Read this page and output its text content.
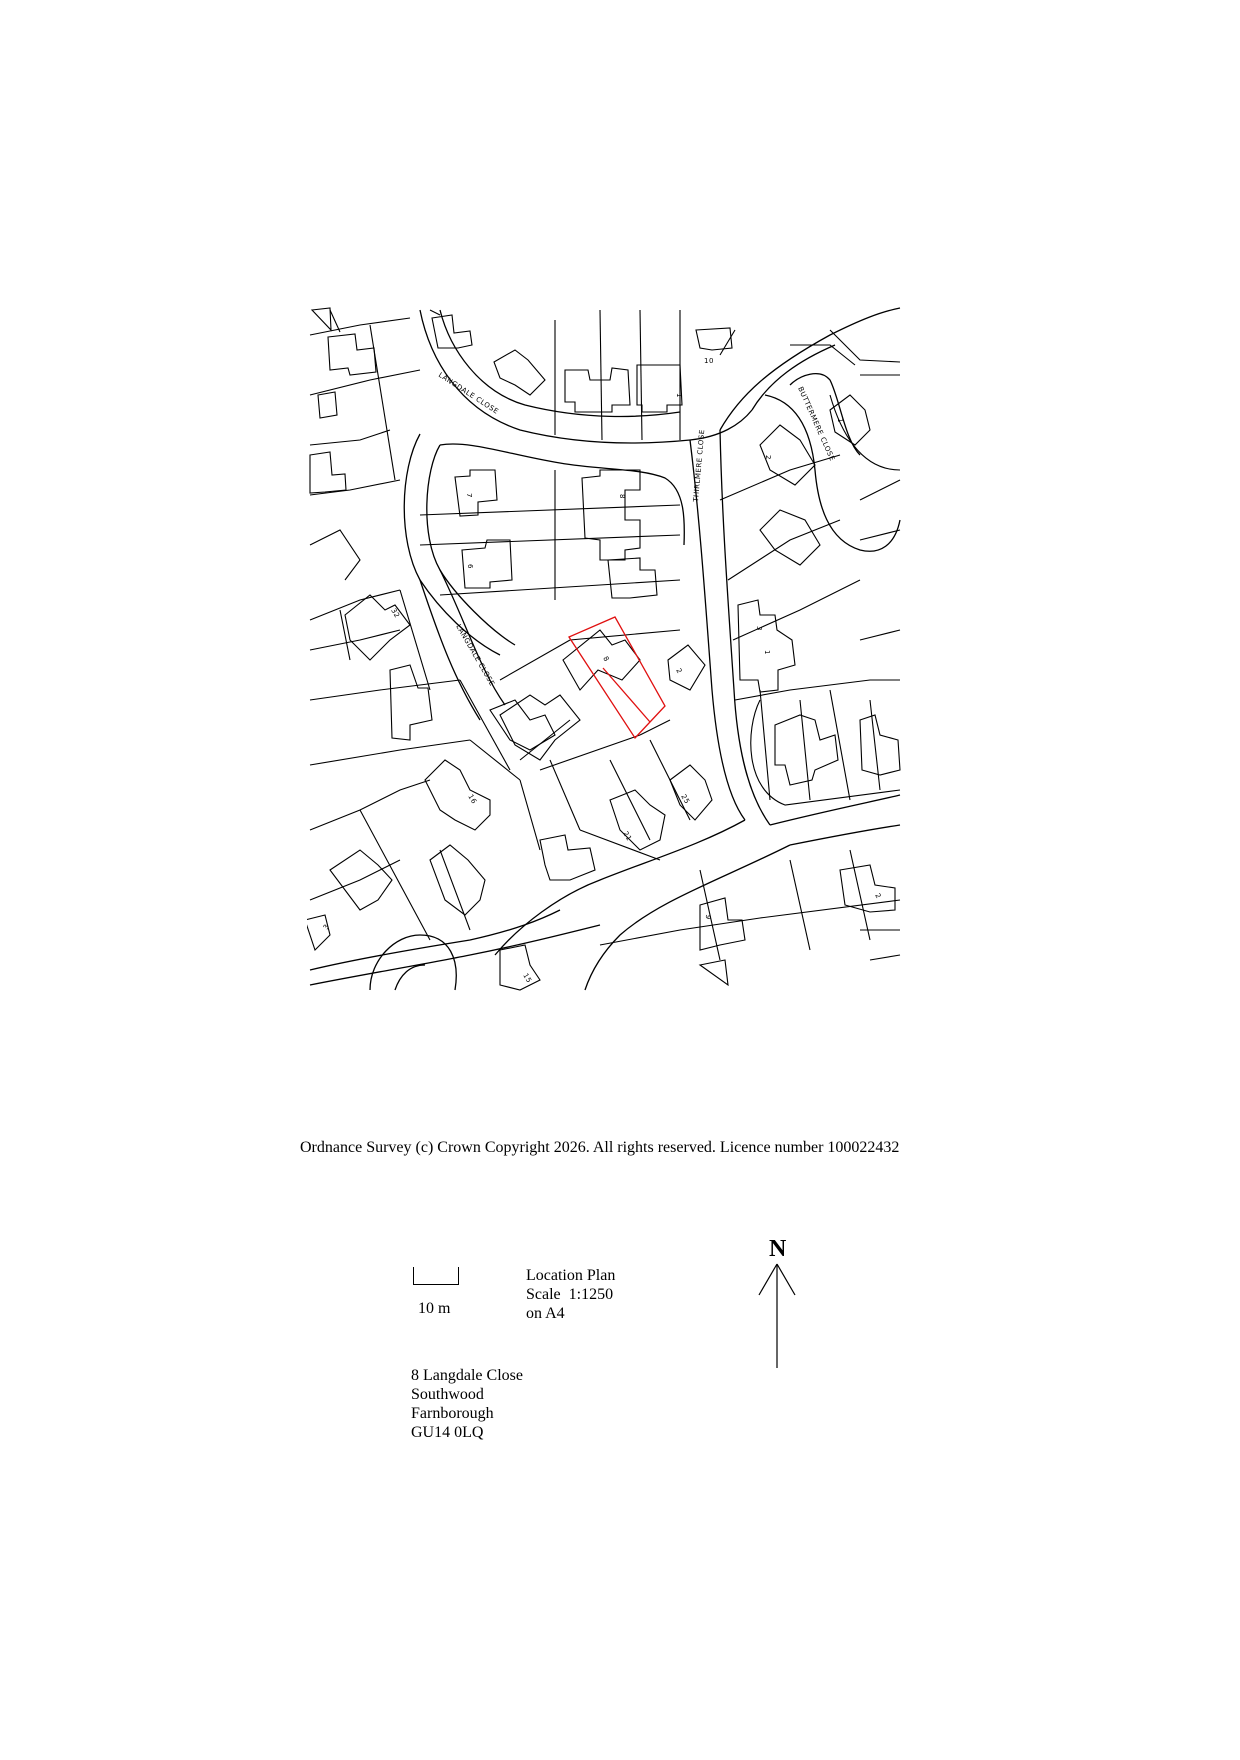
LANGDALE CLOSE
LANGDALE CLOSE
THIRLMERE CLOSE
BUTTERMERE CLOSE
10
1
2
1
7	8
6
32
8
2
3
1
16	25
21
3
6
2
15
Ordnance Survey (c) Crown Copyright 2026. All rights reserved. Licence number 100022432
10 m
Location Plan
Scale  1:1250
on A4
8 Langdale Close
Southwood
Farnborough
GU14 0LQ
N
